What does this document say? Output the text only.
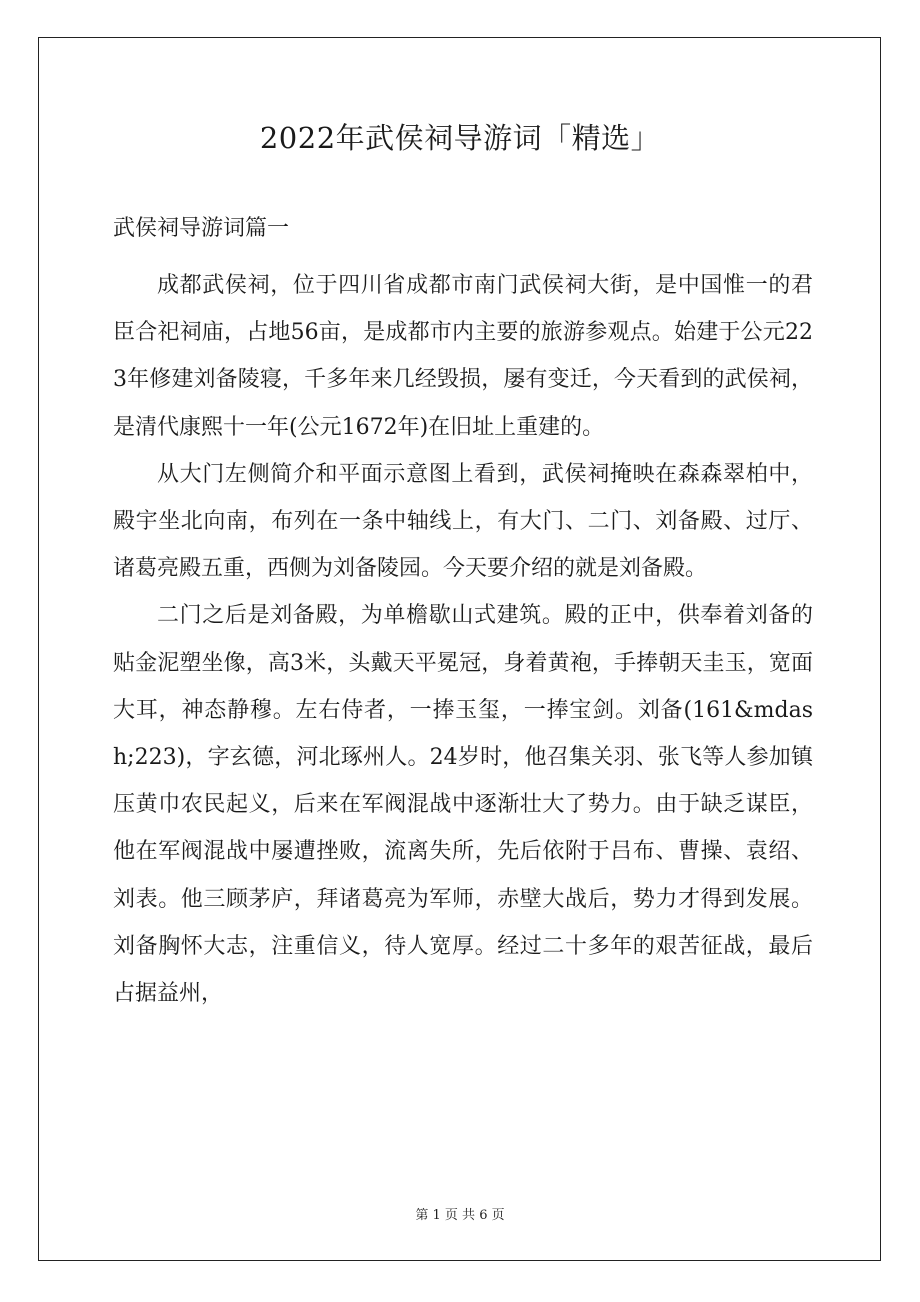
2022年武侯祠导游词「精选」
武侯祠导游词篇一

成都武侯祠，位于四川省成都市南门武侯祠大街，是中国惟一的君臣合祀祠庙，占地56亩，是成都市内主要的旅游参观点。始建于公元223年修建刘备陵寝，千多年来几经毁损，屡有变迁，今天看到的武侯祠，是清代康熙十一年(公元1672年)在旧址上重建的。

从大门左侧简介和平面示意图上看到，武侯祠掩映在森森翠柏中，殿宇坐北向南，布列在一条中轴线上，有大门、二门、刘备殿、过厅、诸葛亮殿五重，西侧为刘备陵园。今天要介绍的就是刘备殿。

二门之后是刘备殿，为单檐歇山式建筑。殿的正中，供奉着刘备的贴金泥塑坐像，高3米，头戴天平冕冠，身着黄袍，手捧朝天圭玉，宽面大耳，神态静穆。左右侍者，一捧玉玺，一捧宝剑。刘备(161&mdash;223)，字玄德，河北琢州人。24岁时，他召集关羽、张飞等人参加镇压黄巾农民起义，后来在军阀混战中逐渐壮大了势力。由于缺乏谋臣，他在军阀混战中屡遭挫败，流离失所，先后依附于吕布、曹操、袁绍、刘表。他三顾茅庐，拜诸葛亮为军师，赤壁大战后，势力才得到发展。刘备胸怀大志，注重信义，待人宽厚。经过二十多年的艰苦征战，最后占据益州，

第 1 页 共 6 页
